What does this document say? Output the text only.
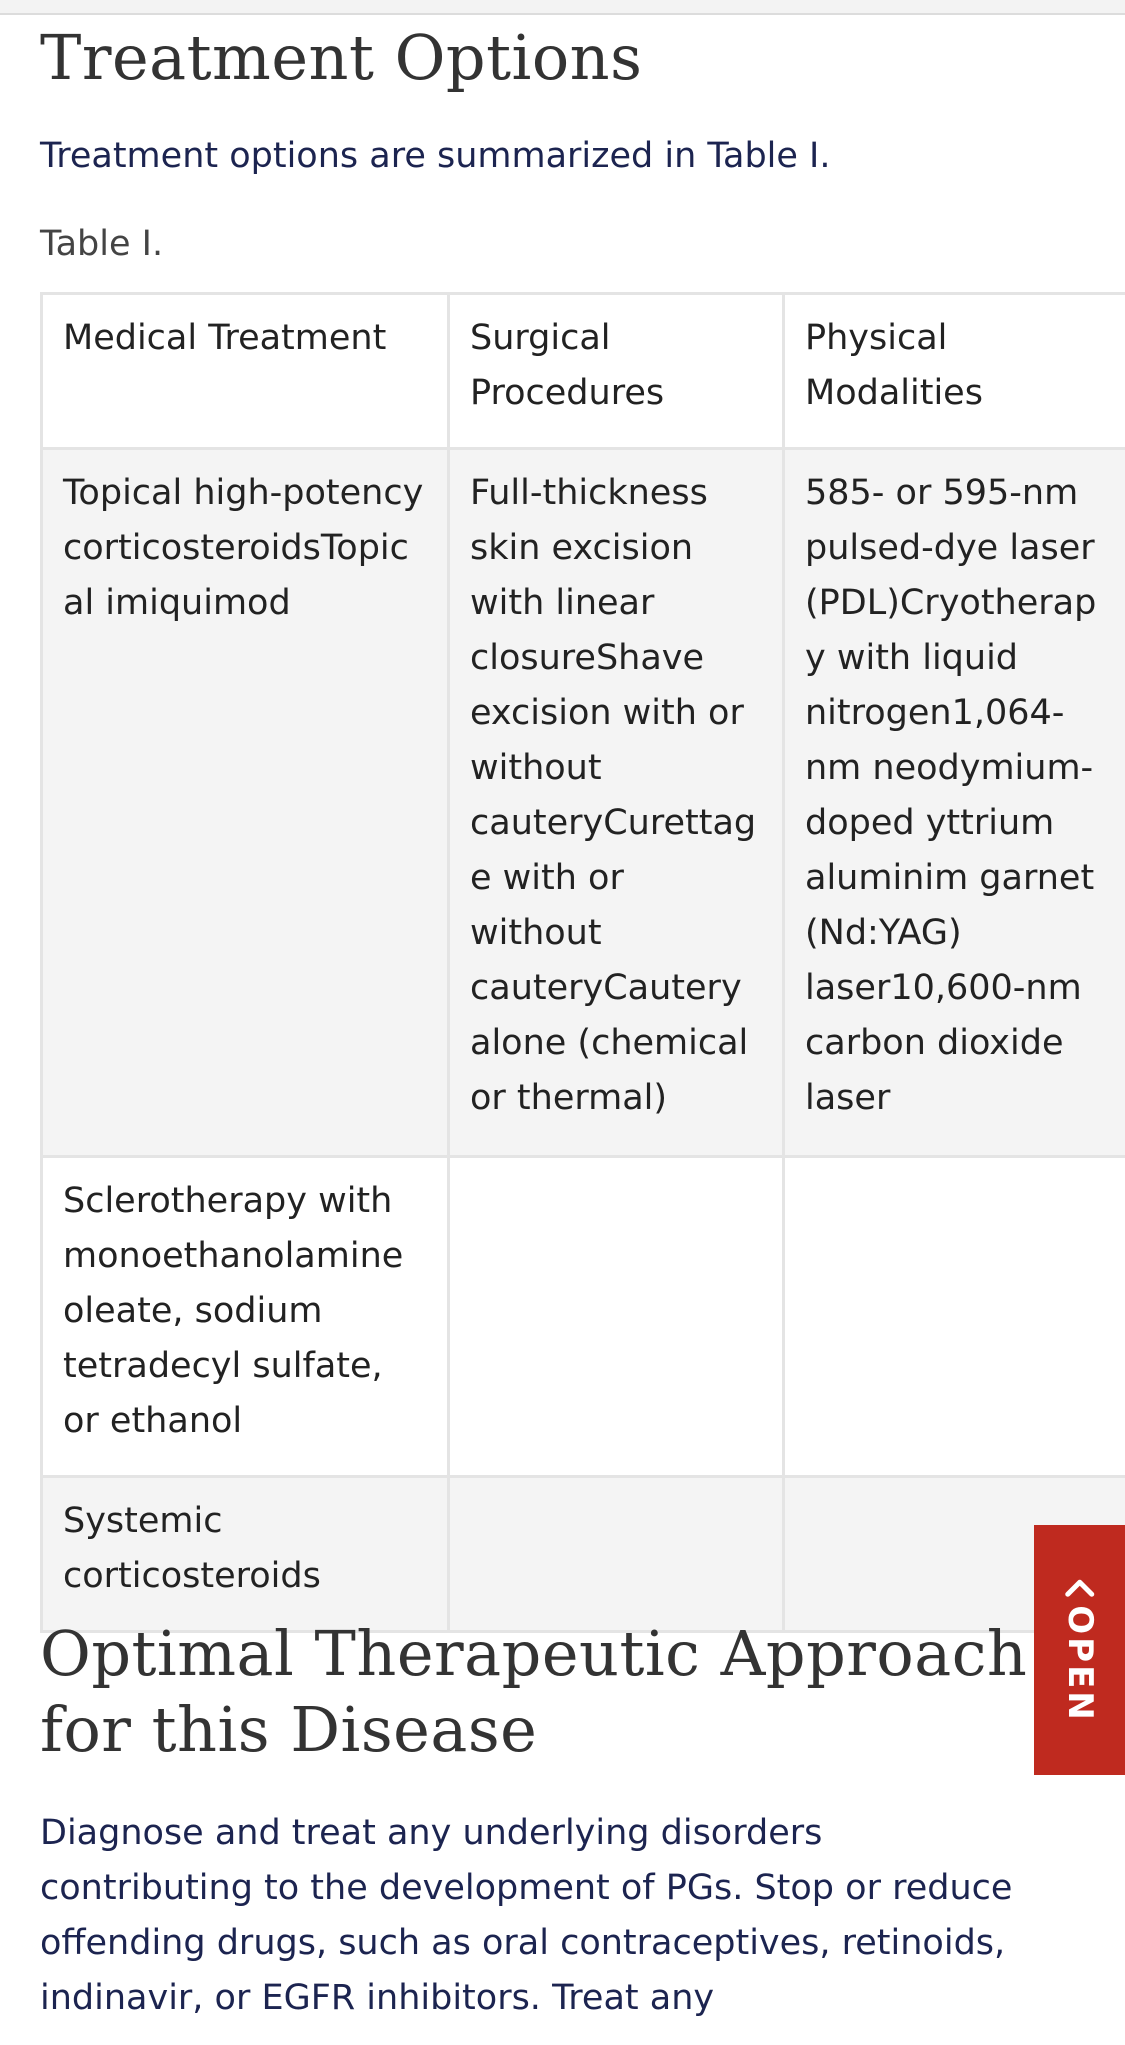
Treatment Options

Treatment options are summarized in Table I.

Table I.

Medical Treatment	Surgical Procedures	Physical Modalities
Topical high-potency corticosteroidsTopical imiquimod	Full-thickness skin excision with linear closureShave excision with or without cauteryCurettage with or without cauteryCautery alone (chemical or thermal)	585- or 595-nm pulsed-dye laser (PDL)Cryotherapy with liquid nitrogen1,064-nm neodymium-doped yttrium aluminim garnet (Nd:YAG) laser10,600-nm carbon dioxide laser
Sclerotherapy with monoethanolamine oleate, sodium tetradecyl sulfate, or ethanol		
Systemic corticosteroids		
Optimal Therapeutic Approach for this Disease

Diagnose and treat any underlying disorders contributing to the development of PGs. Stop or reduce offending drugs, such as oral contraceptives, retinoids, indinavir, or EGFR inhibitors. Treat any

OPEN
